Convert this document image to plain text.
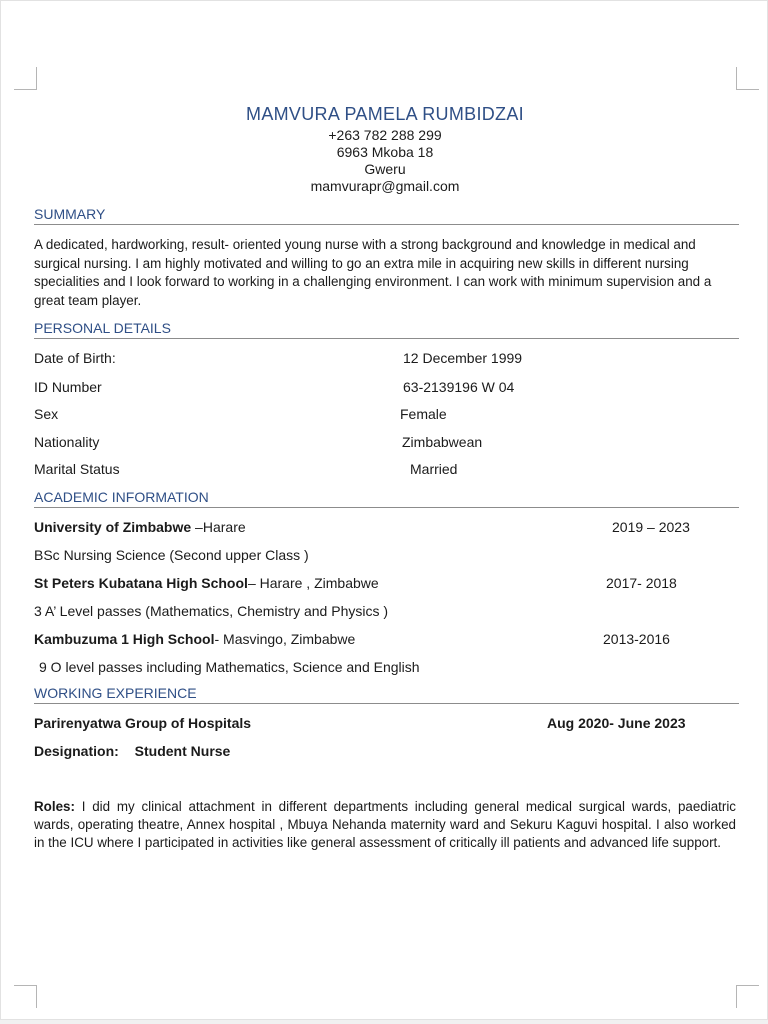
MAMVURA PAMELA RUMBIDZAI
+263 782 288 299
6963 Mkoba 18
Gweru
mamvurapr@gmail.com
SUMMARY
A dedicated, hardworking, result- oriented young nurse with a strong background and knowledge in medical and surgical nursing. I am highly motivated and willing to go an extra mile in acquiring new skills in different nursing specialities and I look forward to working in a challenging environment. I can work with minimum supervision and a great team player.
PERSONAL DETAILS
Date of Birth:	12 December 1999
ID Number	63-2139196 W 04
Sex	Female
Nationality	Zimbabwean
Marital Status	Married
ACADEMIC INFORMATION
University of Zimbabwe –Harare	2019 – 2023
BSc Nursing Science (Second upper Class )
St Peters Kubatana High School– Harare , Zimbabwe	2017- 2018
3 A’ Level passes (Mathematics, Chemistry and Physics )
Kambuzuma 1 High School- Masvingo, Zimbabwe	2013-2016
9 O level passes including Mathematics, Science and English
WORKING EXPERIENCE
Parirenyatwa Group of Hospitals	Aug 2020- June 2023
Designation: Student Nurse
Roles: I did my clinical attachment in different departments including general medical surgical wards, paediatric wards, operating theatre, Annex hospital , Mbuya Nehanda maternity ward and Sekuru Kaguvi hospital. I also worked in the ICU where I participated in activities like general assessment of critically ill patients and advanced life support.
